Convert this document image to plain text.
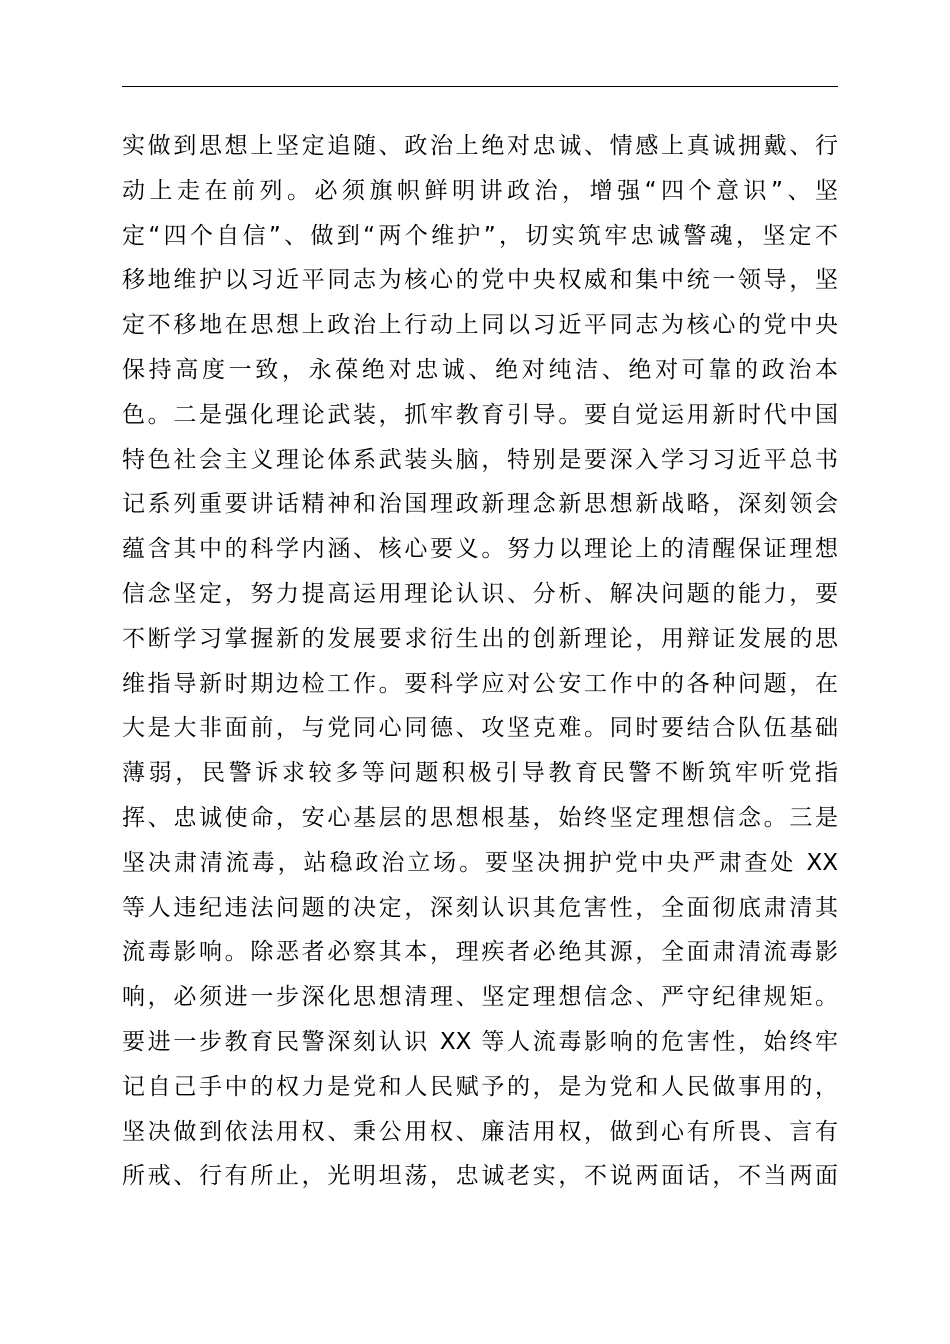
实做到思想上坚定追随、政治上绝对忠诚、情感上真诚拥戴、行
动上走在前列。必须旗帜鲜明讲政治，增强“四个意识”、坚
定“四个自信”、做到“两个维护”，切实筑牢忠诚警魂，坚定不
移地维护以习近平同志为核心的党中央权威和集中统一领导，坚
定不移地在思想上政治上行动上同以习近平同志为核心的党中央
保持高度一致，永葆绝对忠诚、绝对纯洁、绝对可靠的政治本
色。二是强化理论武装，抓牢教育引导。要自觉运用新时代中国
特色社会主义理论体系武装头脑，特别是要深入学习习近平总书
记系列重要讲话精神和治国理政新理念新思想新战略，深刻领会
蕴含其中的科学内涵、核心要义。努力以理论上的清醒保证理想
信念坚定，努力提高运用理论认识、分析、解决问题的能力，要
不断学习掌握新的发展要求衍生出的创新理论，用辩证发展的思
维指导新时期边检工作。要科学应对公安工作中的各种问题，在
大是大非面前，与党同心同德、攻坚克难。同时要结合队伍基础
薄弱，民警诉求较多等问题积极引导教育民警不断筑牢听党指
挥、忠诚使命，安心基层的思想根基，始终坚定理想信念。三是
坚决肃清流毒，站稳政治立场。要坚决拥护党中央严肃查处 XX
等人违纪违法问题的决定，深刻认识其危害性，全面彻底肃清其
流毒影响。除恶者必察其本，理疾者必绝其源，全面肃清流毒影
响，必须进一步深化思想清理、坚定理想信念、严守纪律规矩。
要进一步教育民警深刻认识 XX 等人流毒影响的危害性，始终牢
记自己手中的权力是党和人民赋予的，是为党和人民做事用的，
坚决做到依法用权、秉公用权、廉洁用权，做到心有所畏、言有
所戒、行有所止，光明坦荡，忠诚老实，不说两面话，不当两面
